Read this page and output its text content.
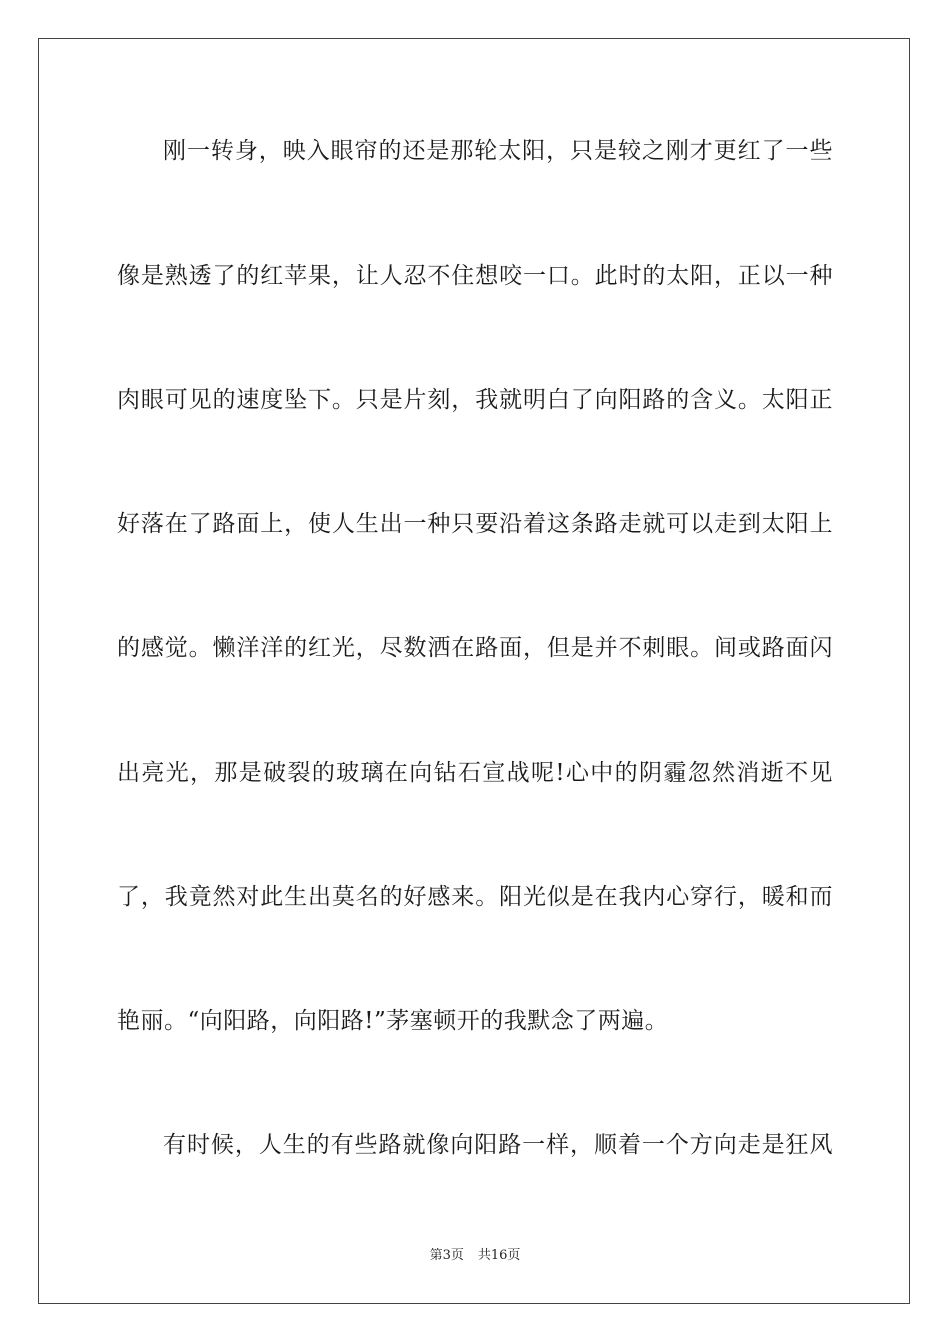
刚一转身，映入眼帘的还是那轮太阳，只是较之刚才更红了一些
像是熟透了的红苹果，让人忍不住想咬一口。此时的太阳，正以一种
肉眼可见的速度坠下。只是片刻，我就明白了向阳路的含义。太阳正
好落在了路面上，使人生出一种只要沿着这条路走就可以走到太阳上
的感觉。懒洋洋的红光，尽数洒在路面，但是并不刺眼。间或路面闪
出亮光，那是破裂的玻璃在向钻石宣战呢!心中的阴霾忽然消逝不见
了，我竟然对此生出莫名的好感来。阳光似是在我内心穿行，暖和而
艳丽。“向阳路，向阳路!”茅塞顿开的我默念了两遍。
有时候，人生的有些路就像向阳路一样，顺着一个方向走是狂风
第3页 共16页
